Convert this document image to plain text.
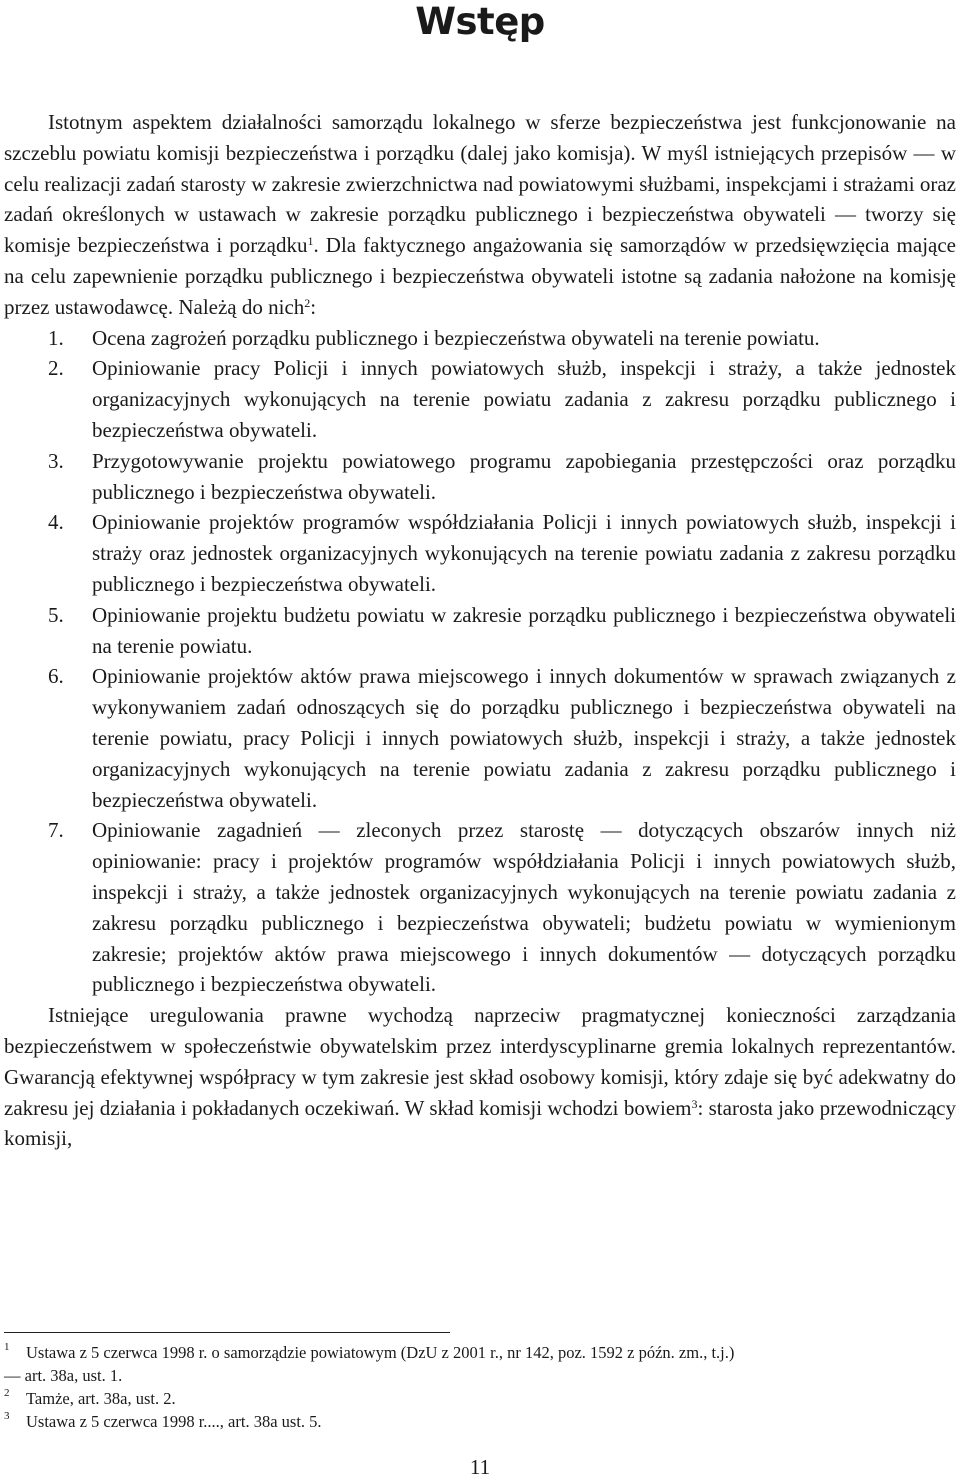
Wstęp

Istotnym aspektem działalności samorządu lokalnego w sferze bezpieczeństwa jest funkcjonowanie na szczeblu powiatu komisji bezpieczeństwa i porządku (dalej jako komisja). W myśl istniejących przepisów — w celu realizacji zadań starosty w zakresie zwierzchnictwa nad powiatowymi służbami, inspekcjami i strażami oraz zadań określonych w ustawach w zakresie porządku publicznego i bezpieczeństwa obywateli — tworzy się komisje bezpieczeństwa i porządku$^1$. Dla faktycznego angażowania się samorządów w przedsięwzięcia mające na celu zapewnienie porządku publicznego i bezpieczeństwa obywateli istotne są zadania nałożone na komisję przez ustawodawcę. Należą do nich$^2$:

1. Ocena zagrożeń porządku publicznego i bezpieczeństwa obywateli na terenie powiatu.
2. Opiniowanie pracy Policji i innych powiatowych służb, inspekcji i straży, a także jednostek organizacyjnych wykonujących na terenie powiatu zadania z zakresu porządku publicznego i bezpieczeństwa obywateli.
3. Przygotowywanie projektu powiatowego programu zapobiegania przestępczości oraz porządku publicznego i bezpieczeństwa obywateli.
4. Opiniowanie projektów programów współdziałania Policji i innych powiatowych służb, inspekcji i straży oraz jednostek organizacyjnych wykonujących na terenie powiatu zadania z zakresu porządku publicznego i bezpieczeństwa obywateli.
5. Opiniowanie projektu budżetu powiatu w zakresie porządku publicznego i bezpieczeństwa obywateli na terenie powiatu.
6. Opiniowanie projektów aktów prawa miejscowego i innych dokumentów w sprawach związanych z wykonywaniem zadań odnoszących się do porządku publicznego i bezpieczeństwa obywateli na terenie powiatu, pracy Policji i innych powiatowych służb, inspekcji i straży, a także jednostek organizacyjnych wykonujących na terenie powiatu zadania z zakresu porządku publicznego i bezpieczeństwa obywateli.
7. Opiniowanie zagadnień — zleconych przez starostę — dotyczących obszarów innych niż opiniowanie: pracy i projektów programów współdziałania Policji i innych powiatowych służb, inspekcji i straży, a także jednostek organizacyjnych wykonujących na terenie powiatu zadania z zakresu porządku publicznego i bezpieczeństwa obywateli; budżetu powiatu w wymienionym zakresie; projektów aktów prawa miejscowego i innych dokumentów — dotyczących porządku publicznego i bezpieczeństwa obywateli.

Istniejące uregulowania prawne wychodzą naprzeciw pragmatycznej konieczności zarządzania bezpieczeństwem w społeczeństwie obywatelskim przez interdyscyplinarne gremia lokalnych reprezentantów. Gwarancją efektywnej współpracy w tym zakresie jest skład osobowy komisji, który zdaje się być adekwatny do zakresu jej działania i pokładanych oczekiwań. W skład komisji wchodzi bowiem$^3$: starosta jako przewodniczący komisji,

1 Ustawa z 5 czerwca 1998 r. o samorządzie powiatowym (DzU z 2001 r., nr 142, poz. 1592 z późn. zm., t.j.)
— art. 38a, ust. 1.
2 Tamże, art. 38a, ust. 2.
3 Ustawa z 5 czerwca 1998 r...., art. 38a ust. 5.
11
